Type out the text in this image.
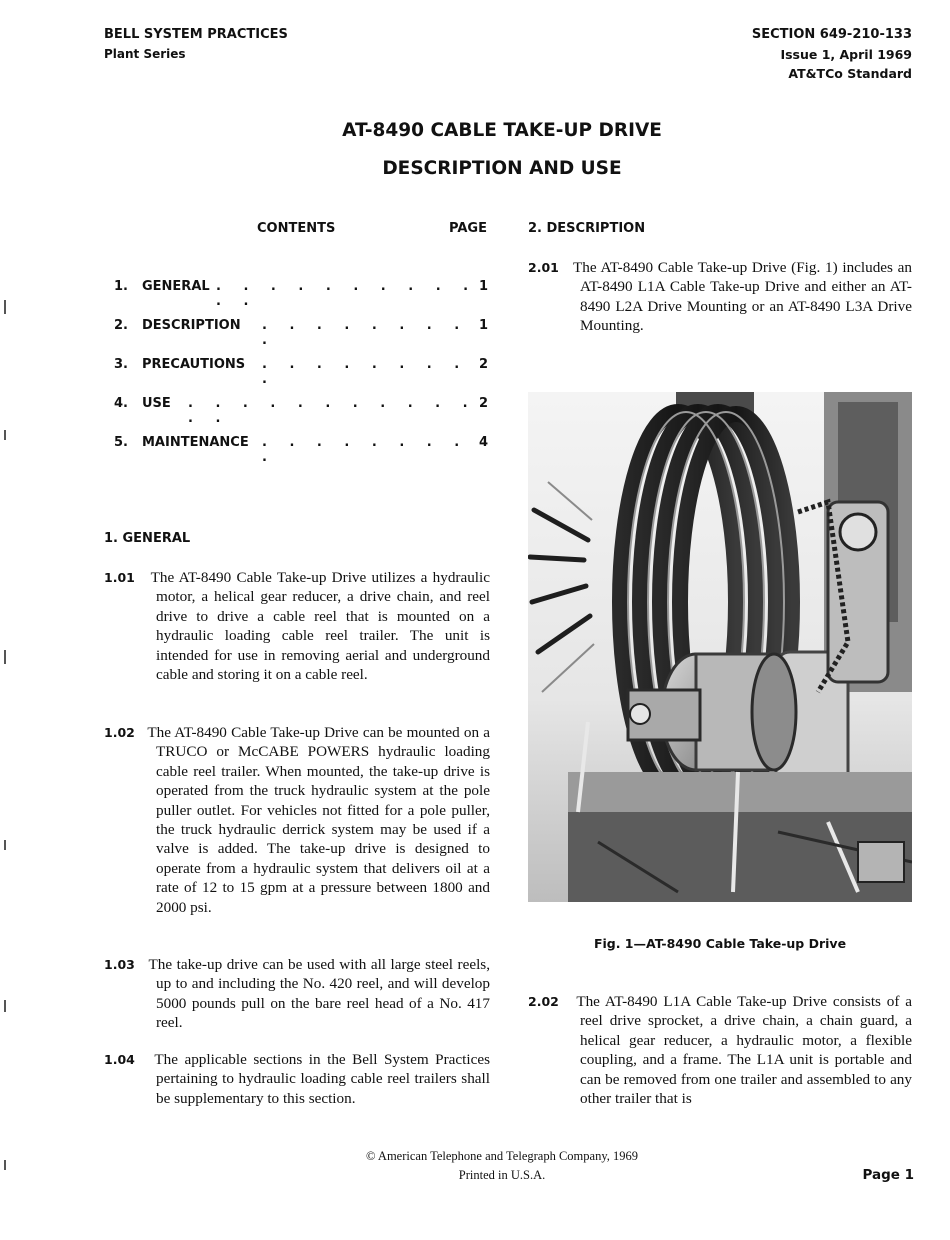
BELL SYSTEM PRACTICES
Plant Series
SECTION 649-210-133
Issue 1, April 1969
AT&TCo Standard
AT-8490 CABLE TAKE-UP DRIVE
DESCRIPTION AND USE
CONTENTS	PAGE
1. GENERAL . . . . . . . . . . . .
1
2. DESCRIPTION . . . . . . . . .
1
3. PRECAUTIONS . . . . . . . . .
2
4. USE . . . . . . . . . . . . .
2
5. MAINTENANCE . . . . . . . . .
4
1. GENERAL

1.01 The AT-8490 Cable Take-up Drive utilizes a hydraulic motor, a helical gear reducer, a drive chain, and reel drive to drive a cable reel that is mounted on a hydraulic loading cable reel trailer. The unit is intended for use in removing aerial and underground cable and storing it on a cable reel.

1.02 The AT-8490 Cable Take-up Drive can be mounted on a TRUCO or McCABE POWERS hydraulic loading cable reel trailer. When mounted, the take-up drive is operated from the truck hydraulic system at the pole puller outlet. For vehicles not fitted for a pole puller, the truck hydraulic derrick system may be used if a valve is added. The take-up drive is designed to operate from a hydraulic system that delivers oil at a rate of 12 to 15 gpm at a pressure between 1800 and 2000 psi.

1.03 The take-up drive can be used with all large steel reels, up to and including the No. 420 reel, and will develop 5000 pounds pull on the bare reel head of a No. 417 reel.

1.04 The applicable sections in the Bell System Practices pertaining to hydraulic loading cable reel trailers shall be supplementary to this section.

2. DESCRIPTION

2.01 The AT-8490 Cable Take-up Drive (Fig. 1) includes an AT-8490 L1A Cable Take-up Drive and either an AT-8490 L2A Drive Mounting or an AT-8490 L3A Drive Mounting.

Fig. 1—AT-8490 Cable Take-up Drive

2.02 The AT-8490 L1A Cable Take-up Drive consists of a reel drive sprocket, a drive chain, a chain guard, a helical gear reducer, a hydraulic motor, a flexible coupling, and a frame. The L1A unit is portable and can be removed from one trailer and assembled to any other trailer that is

© American Telephone and Telegraph Company, 1969
Printed in U.S.A.	Page 1
